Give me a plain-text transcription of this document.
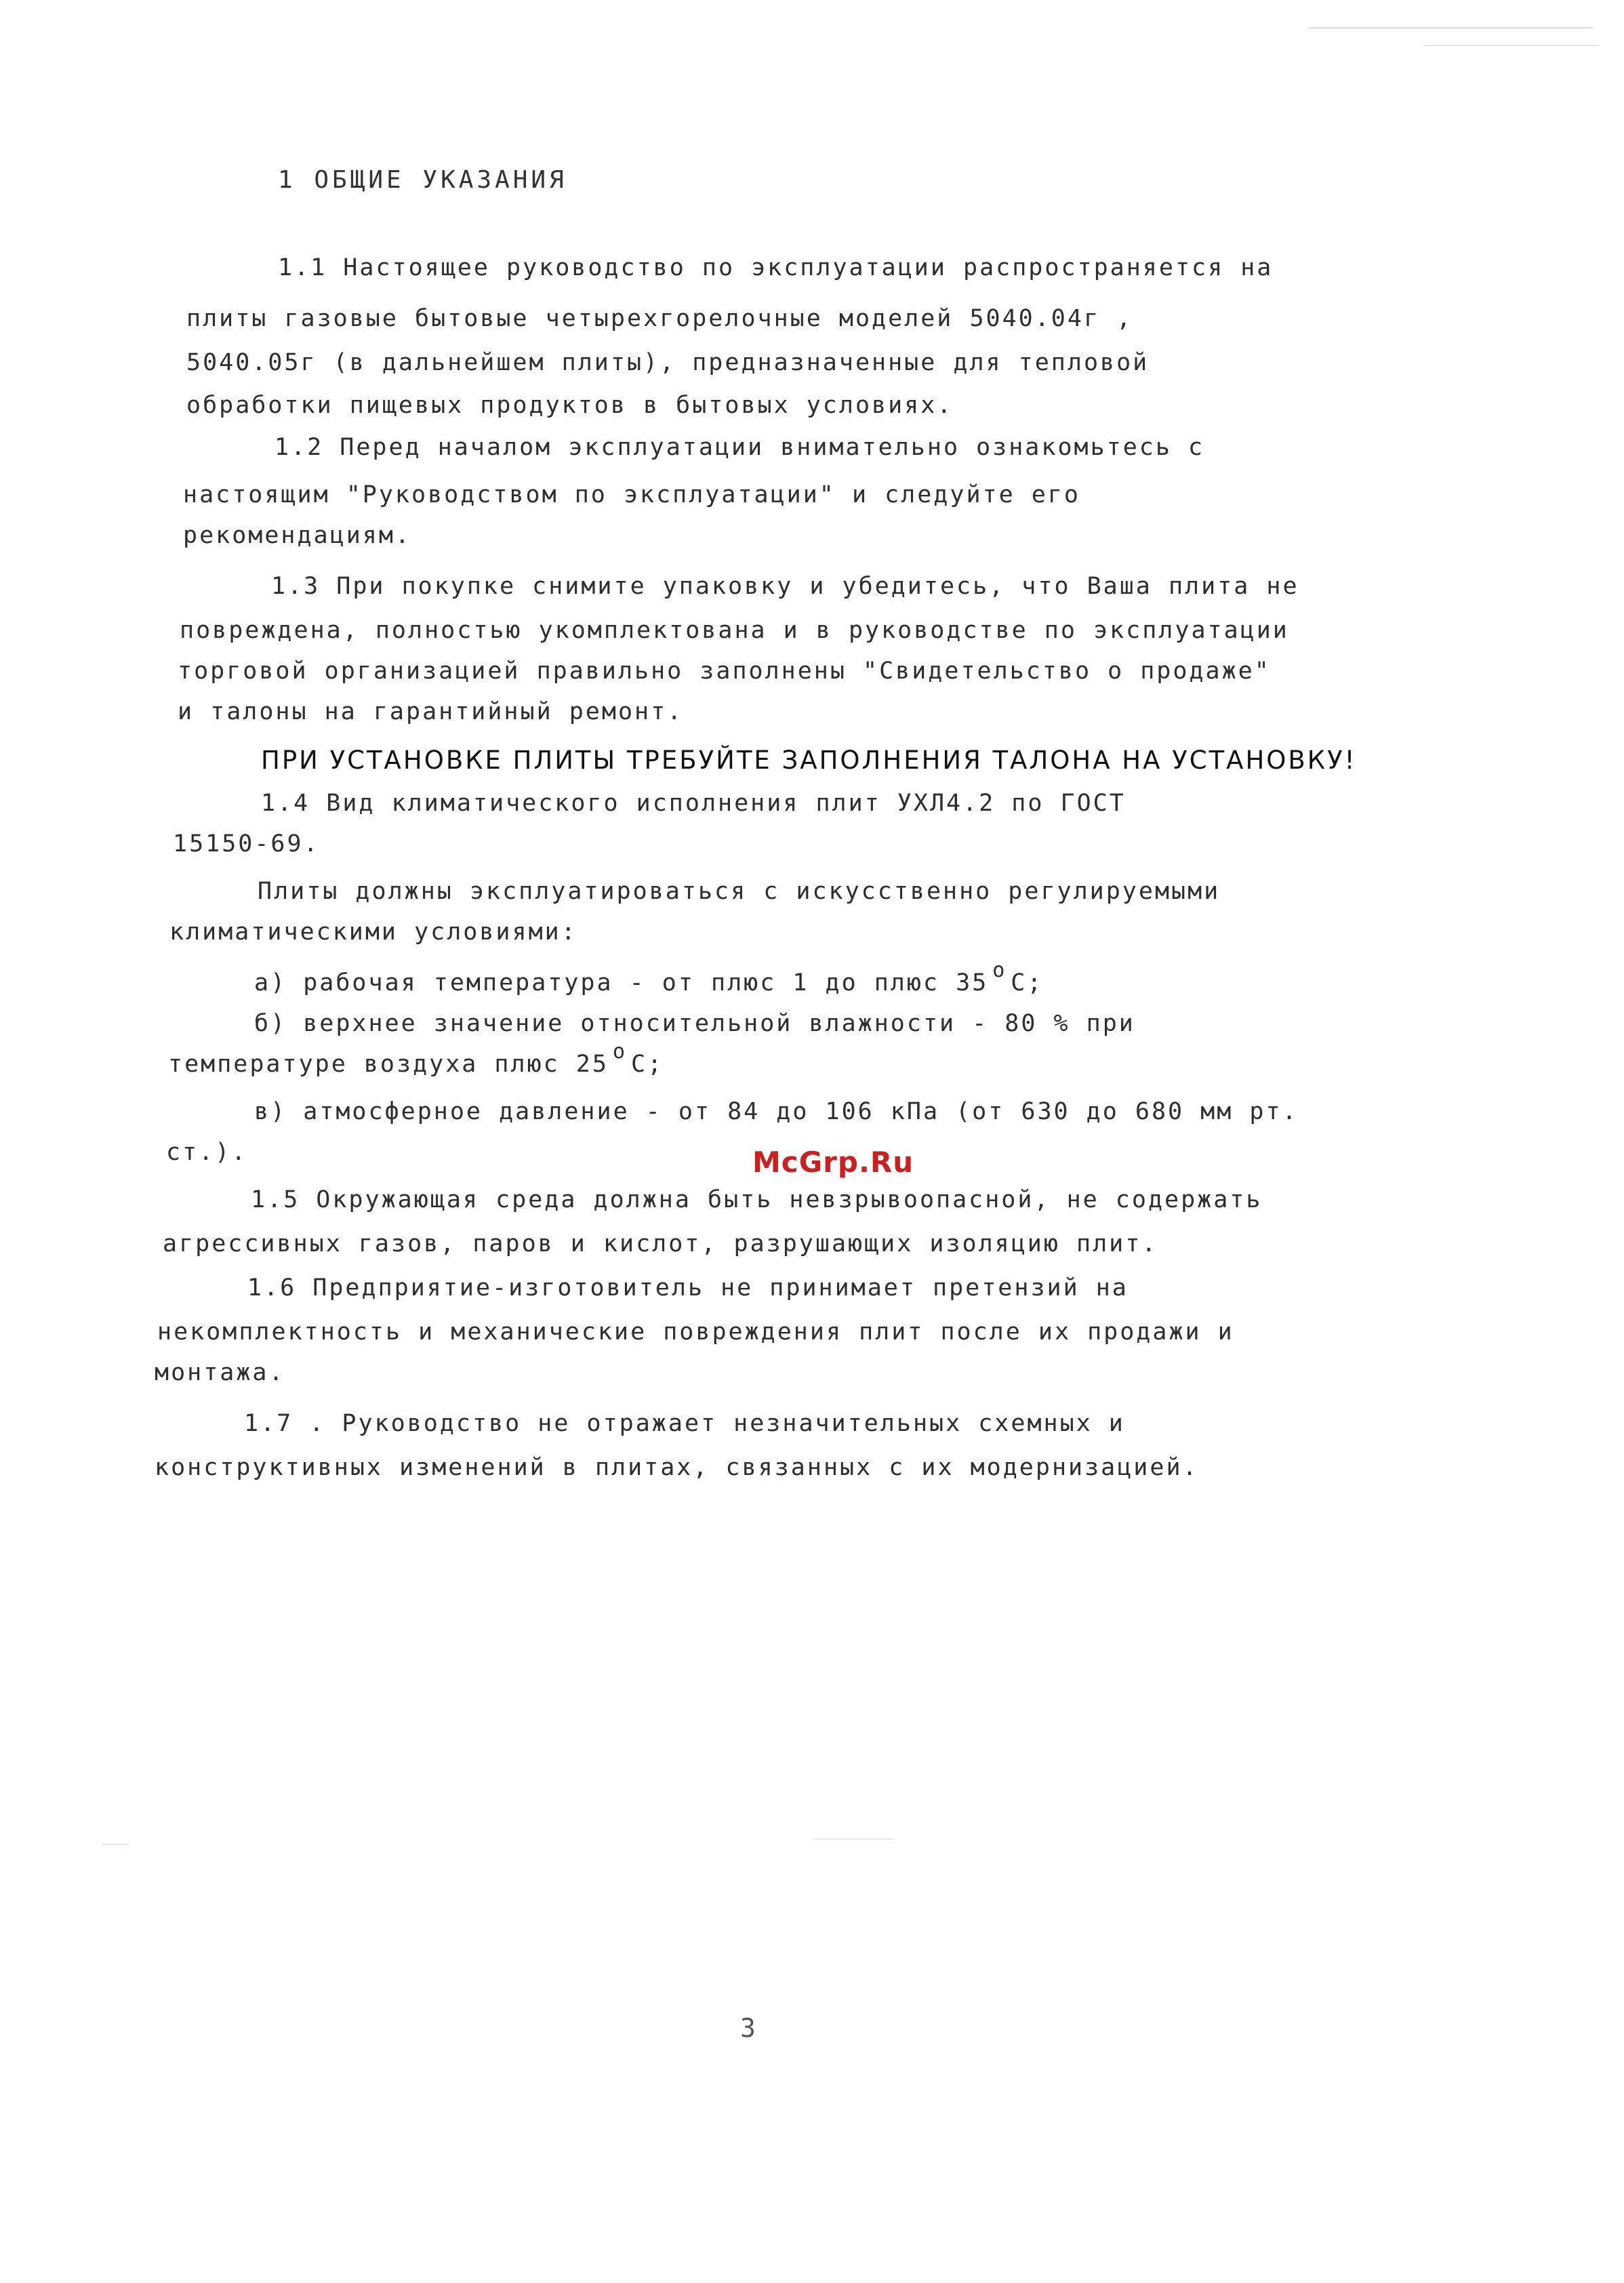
1 ОБЩИЕ УКАЗАНИЯ
1.1 Настоящее руководство по эксплуатации распространяется на
плиты газовые бытовые четырехгорелочные моделей 5040.04г ,
5040.05г (в дальнейшем плиты), предназначенные для тепловой
обработки пищевых продуктов в бытовых условиях.
1.2 Перед началом эксплуатации внимательно ознакомьтесь с
настоящим "Руководством по эксплуатации" и следуйте его
рекомендациям.
1.3 При покупке снимите упаковку и убедитесь, что Ваша плита не
повреждена, полностью укомплектована и в руководстве по эксплуатации
торговой организацией правильно заполнены "Свидетельство о продаже"
и талоны на гарантийный ремонт.
ПРИ УСТАНОВКЕ ПЛИТЫ ТРЕБУЙТЕ ЗАПОЛНЕНИЯ ТАЛОНА НА УСТАНОВКУ!
1.4 Вид климатического исполнения плит УХЛ4.2 по ГОСТ
15150-69.
Плиты должны эксплуатироваться с искусственно регулируемыми
климатическими условиями:
а) рабочая температура - от плюс 1 до плюс 35 о С;
б) верхнее значение относительной влажности - 80 % при
температуре воздуха плюс 25 о С;
в) атмосферное давление - от 84 до 106 кПа (от 630 до 680 мм рт.
ст.).	McGrp.Ru
1.5 Окружающая среда должна быть невзрывоопасной, не содержать
агрессивных газов, паров и кислот, разрушающих изоляцию плит.
1.6 Предприятие-изготовитель не принимает претензий на
некомплектность и механические повреждения плит после их продажи и
монтажа.
1.7 . Руководство не отражает незначительных схемных и
конструктивных изменений в плитах, связанных с их модернизацией.
3
